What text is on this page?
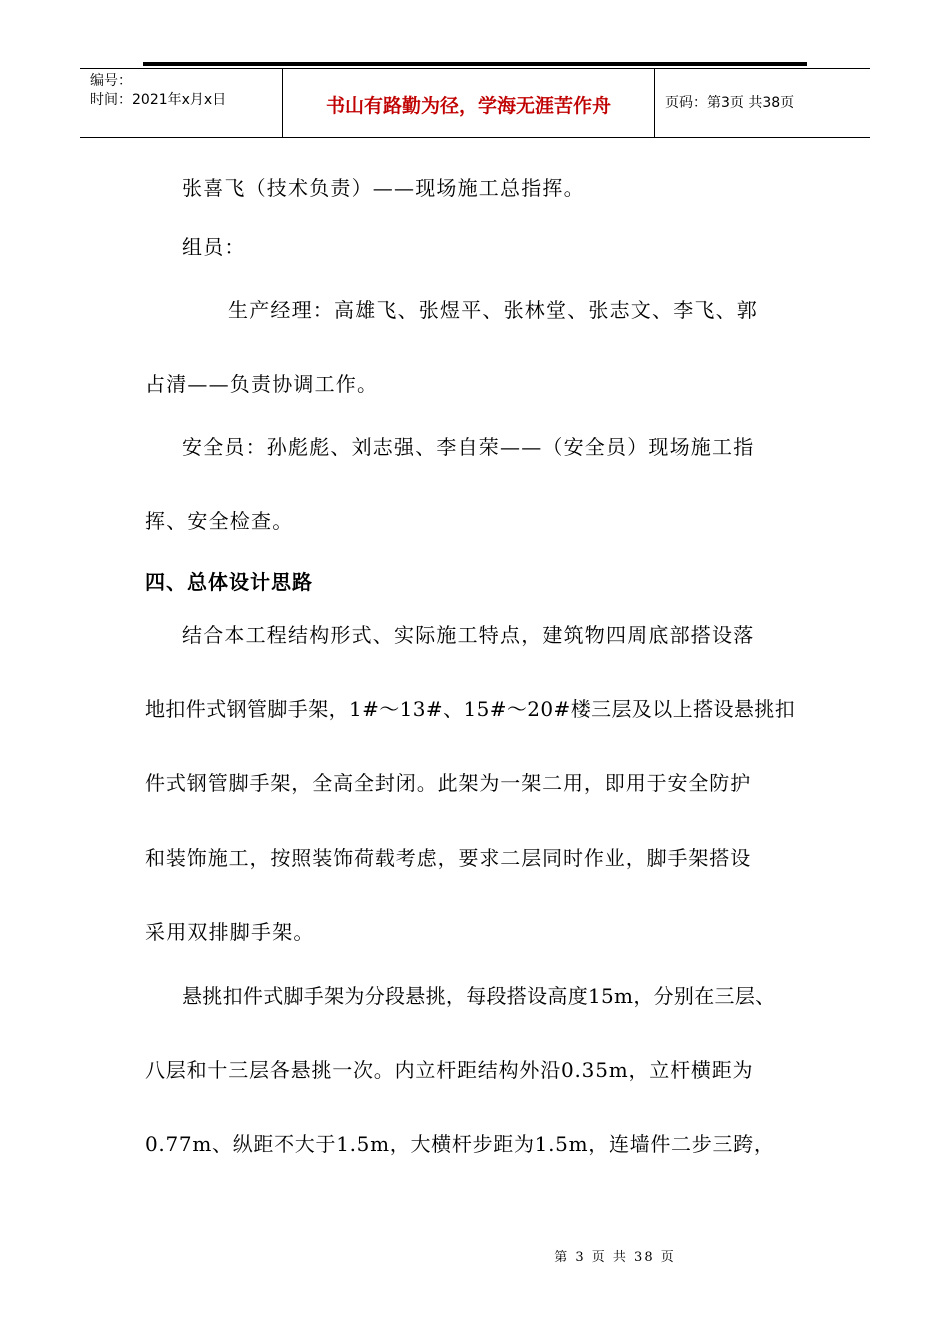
编号：
时间：2021年x月x日	书山有路勤为径，学海无涯苦作舟	页码：第3页 共38页
张喜飞（技术负责）——现场施工总指挥。
组员：
生产经理：高雄飞、张煜平、张林堂、张志文、李飞、郭
占清——负责协调工作。
安全员：孙彪彪、刘志强、李自荣——（安全员）现场施工指
挥、安全检查。
四、总体设计思路
结合本工程结构形式、实际施工特点，建筑物四周底部搭设落
地扣件式钢管脚手架，1#～13#、15#～20#楼三层及以上搭设悬挑扣
件式钢管脚手架，全高全封闭。此架为一架二用，即用于安全防护
和装饰施工，按照装饰荷载考虑，要求二层同时作业，脚手架搭设
采用双排脚手架。
悬挑扣件式脚手架为分段悬挑，每段搭设高度15m，分别在三层、
八层和十三层各悬挑一次。内立杆距结构外沿0.35m，立杆横距为
0.77m、纵距不大于1.5m，大横杆步距为1.5m，连墙件二步三跨，
第 3 页 共 38 页
